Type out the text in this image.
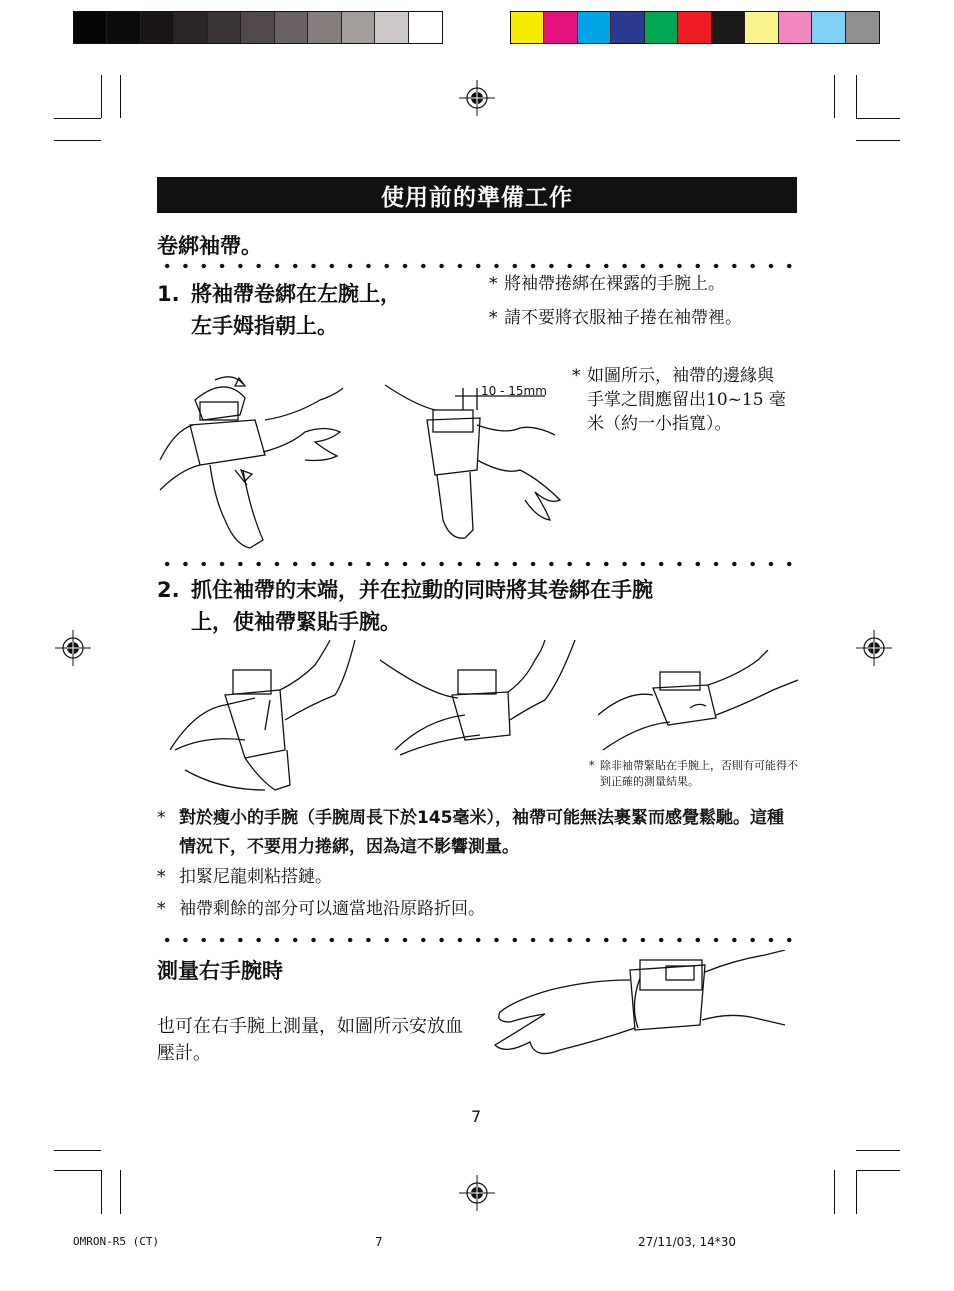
使用前的準備工作
卷綁袖帶。
1. 將袖帶卷綁在左腕上，
左手姆指朝上。
* 將袖帶捲綁在裸露的手腕上。
* 請不要將衣服袖子捲在袖帶裡。
* 如圖所示，袖帶的邊緣與手掌之間應留出10~15 毫米（約一小指寬）。
10 - 15mm
2. 抓住袖帶的末端，并在拉動的同時將其卷綁在手腕
上，使袖帶緊貼手腕。
* 除非袖帶緊貼在手腕上，否則有可能得不到正確的測量結果。
* 對於瘦小的手腕（手腕周長下於145毫米），袖帶可能無法裹緊而感覺鬆馳。這種情況下，不要用力捲綁，因為這不影響測量。
* 扣緊尼龍刺粘搭鏈。
* 袖帶剩餘的部分可以適當地沿原路折回。
測量右手腕時
也可在右手腕上測量，如圖所示安放血壓計。
7
OMRON-R5 (CT)	7	27/11/03, 14*30
